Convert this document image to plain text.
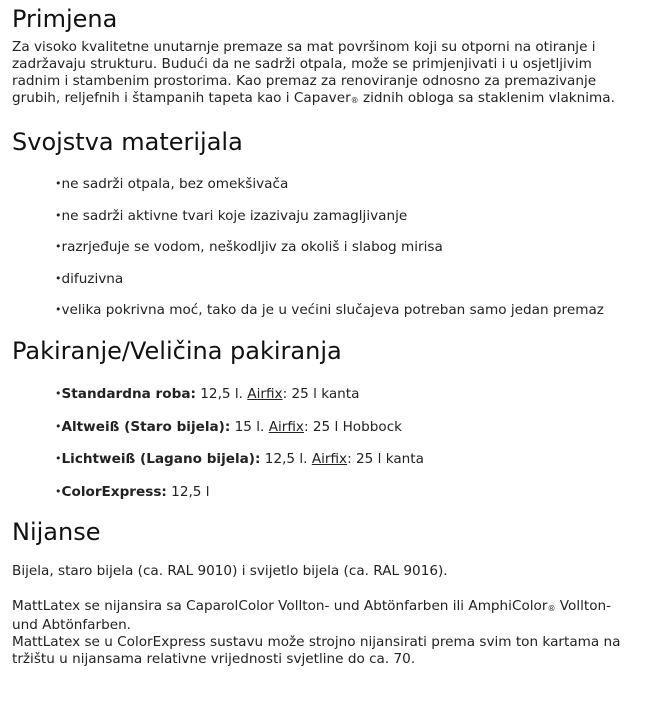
Primjena

Za visoko kvalitetne unutarnje premaze sa mat površinom koji su otporni na otiranje i zadržavaju strukturu. Budući da ne sadrži otpala, može se primjenjivati i u osjetljivim radnim i stambenim prostorima. Kao premaz za renoviranje odnosno za premazivanje grubih, reljefnih i štampanih tapeta kao i Capaver® zidnih obloga sa staklenim vlaknima.

Svojstva materijala
•ne sadrži otpala, bez omekšivača
•ne sadrži aktivne tvari koje izazivaju zamagljivanje
•razrjeđuje se vodom, neškodljiv za okoliš i slabog mirisa
•difuzivna
•velika pokrivna moć, tako da je u većini slučajeva potreban samo jedan premaz
Pakiranje/Veličina pakiranja
•Standardna roba: 12,5 l. Airfix: 25 l kanta
•Altweiß (Staro bijela): 15 l. Airfix: 25 l Hobbock
•Lichtweiß (Lagano bijela): 12,5 l. Airfix: 25 l kanta
•ColorExpress: 12,5 l
Nijanse

Bijela, staro bijela (ca. RAL 9010) i svijetlo bijela (ca. RAL 9016).

MattLatex se nijansira sa CaparolColor Vollton- und Abtönfarben ili AmphiColor® Vollton- und Abtönfarben.

MattLatex se u ColorExpress sustavu može strojno nijansirati prema svim ton kartama na tržištu u nijansama relativne vrijednosti svjetline do ca. 70.
